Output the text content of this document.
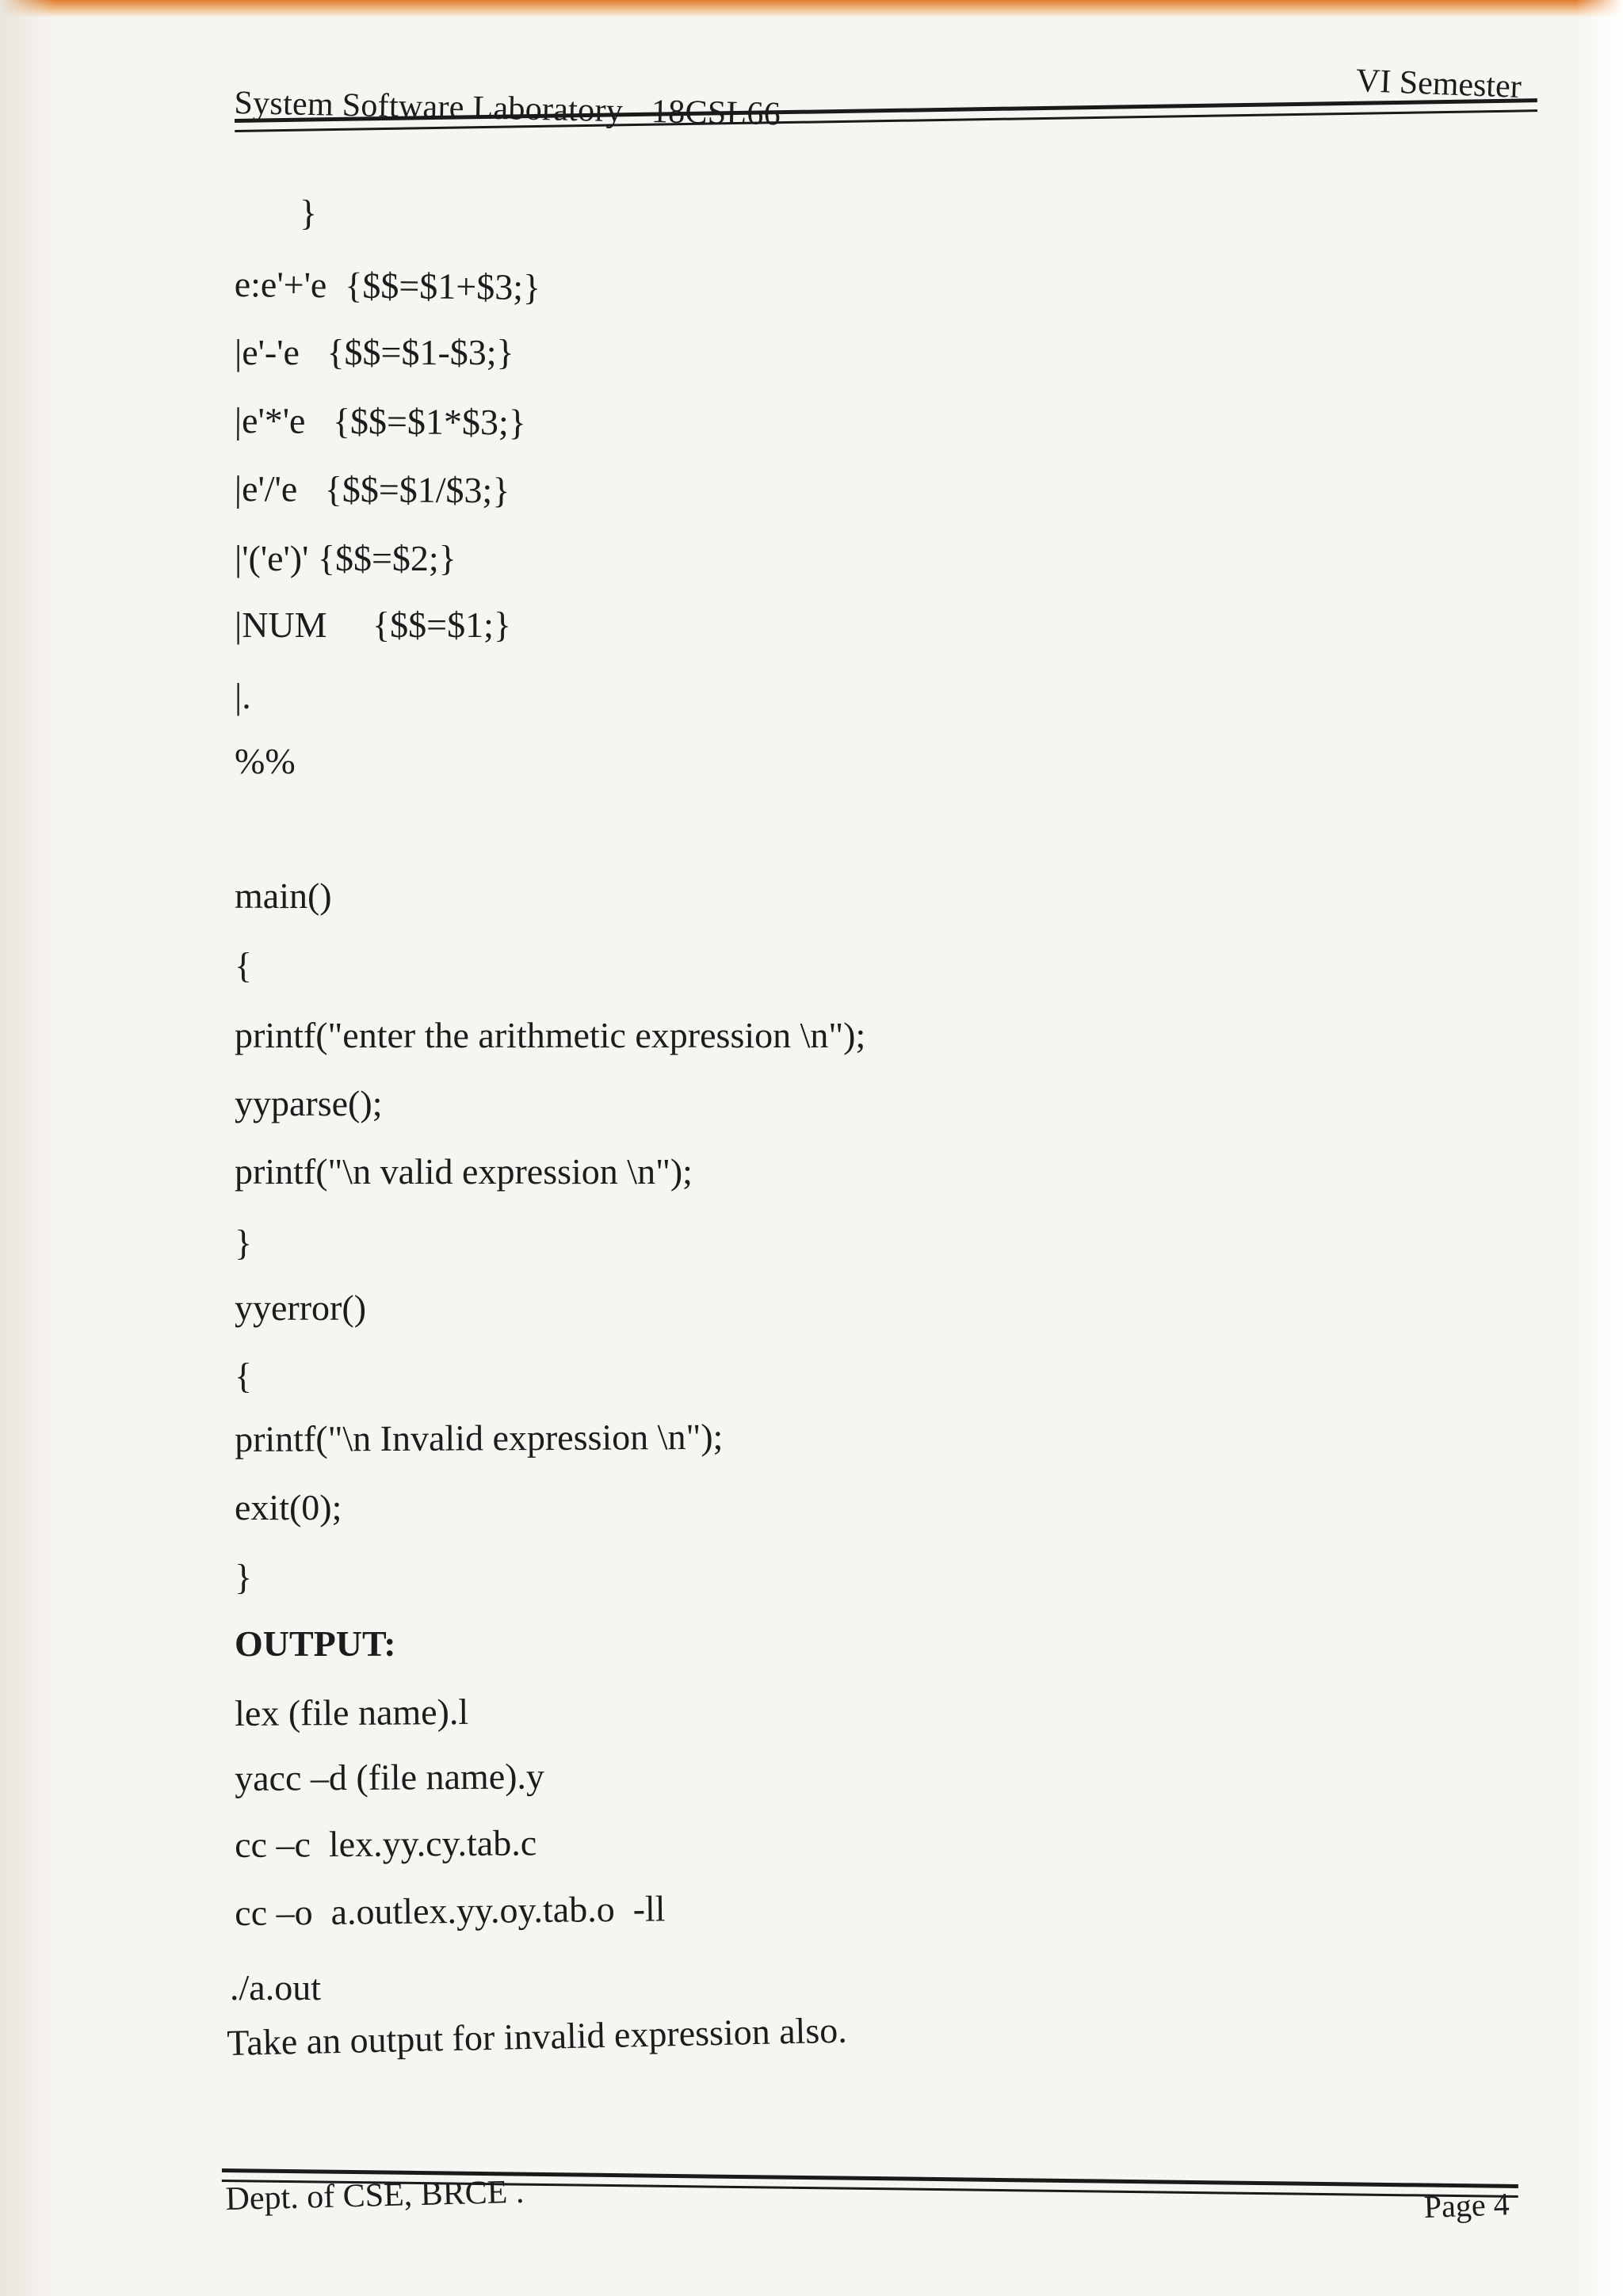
System Software Laboratory - 18CSL66
VI Semester
}
e:e'+'e  {$$=$1+$3;}
|e'-'e   {$$=$1-$3;}
|e'*'e   {$$=$1*$3;}
|e'/'e   {$$=$1/$3;}
|'('e')' {$$=$2;}
|NUM     {$$=$1;}
|.
%%
main()
{
printf("enter the arithmetic expression \n");
yyparse();
printf("\n valid expression \n");
}
yyerror()
{
printf("\n Invalid expression \n");
exit(0);
}
OUTPUT:
lex (file name).l
yacc –d (file name).y
cc –c  lex.yy.cy.tab.c
cc –o  a.outlex.yy.oy.tab.o  -ll
./a.out
Take an output for invalid expression also.
Dept. of CSE, BRCE .	Page 4
